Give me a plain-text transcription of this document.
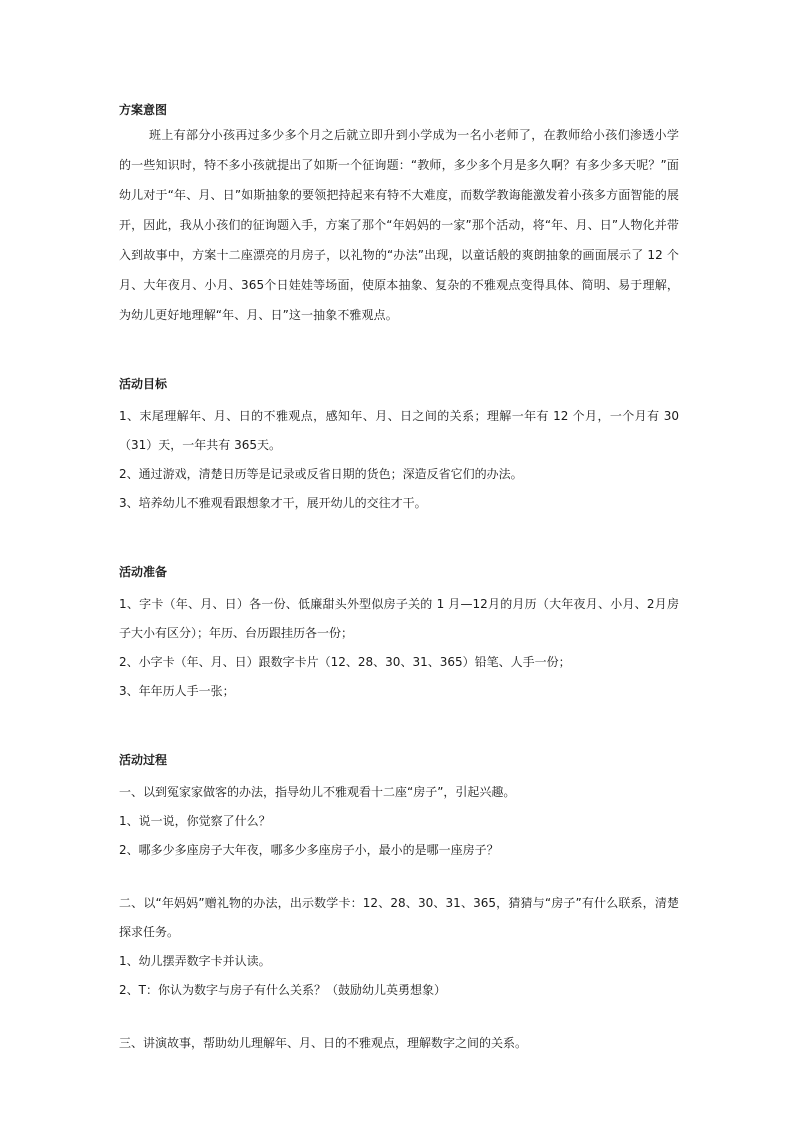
方案意图

班上有部分小孩再过多少多个月之后就立即升到小学成为一名小老师了，在教师给小孩们渗透小学的一些知识时，特不多小孩就提出了如斯一个征询题：“教师，多少多个月是多久啊？有多少多天呢？”面幼儿对于“年、月、日”如斯抽象的要领把持起来有特不大难度，而数学教诲能激发着小孩多方面智能的展开，因此，我从小孩们的征询题入手，方案了那个“年妈妈的一家”那个活动，将“年、月、日”人物化并带入到故事中，方案十二座漂亮的月房子，以礼物的“办法”出现，以童话般的爽朗抽象的画面展示了 12 个月、大年夜月、小月、365个日娃娃等场面，使原本抽象、复杂的不雅观点变得具体、简明、易于理解，为幼儿更好地理解“年、月、日”这一抽象不雅观点。

活动目标

1、末尾理解年、月、日的不雅观点，感知年、月、日之间的关系；理解一年有 12 个月，一个月有 30（31）天，一年共有 365天。

2、通过游戏，清楚日历等是记录或反省日期的货色；深造反省它们的办法。

3、培养幼儿不雅观看跟想象才干，展开幼儿的交往才干。

活动准备

1、字卡（年、月、日）各一份、低廉甜头外型似房子关的 1 月—12月的月历（大年夜月、小月、2月房子大小有区分）；年历、台历跟挂历各一份；

2、小字卡（年、月、日）跟数字卡片（12、28、30、31、365）铅笔、人手一份；

3、年年历人手一张；

活动过程

一、以到冤家家做客的办法，指导幼儿不雅观看十二座“房子”，引起兴趣。

1、说一说，你觉察了什么？

2、哪多少多座房子大年夜，哪多少多座房子小，最小的是哪一座房子？

二、以“年妈妈”赠礼物的办法，出示数学卡：12、28、30、31、365，猜猜与“房子”有什么联系，清楚探求任务。

1、幼儿摆弄数字卡并认读。

2、T：你认为数字与房子有什么关系？（鼓励幼儿英勇想象）

三、讲演故事，帮助幼儿理解年、月、日的不雅观点，理解数字之间的关系。
